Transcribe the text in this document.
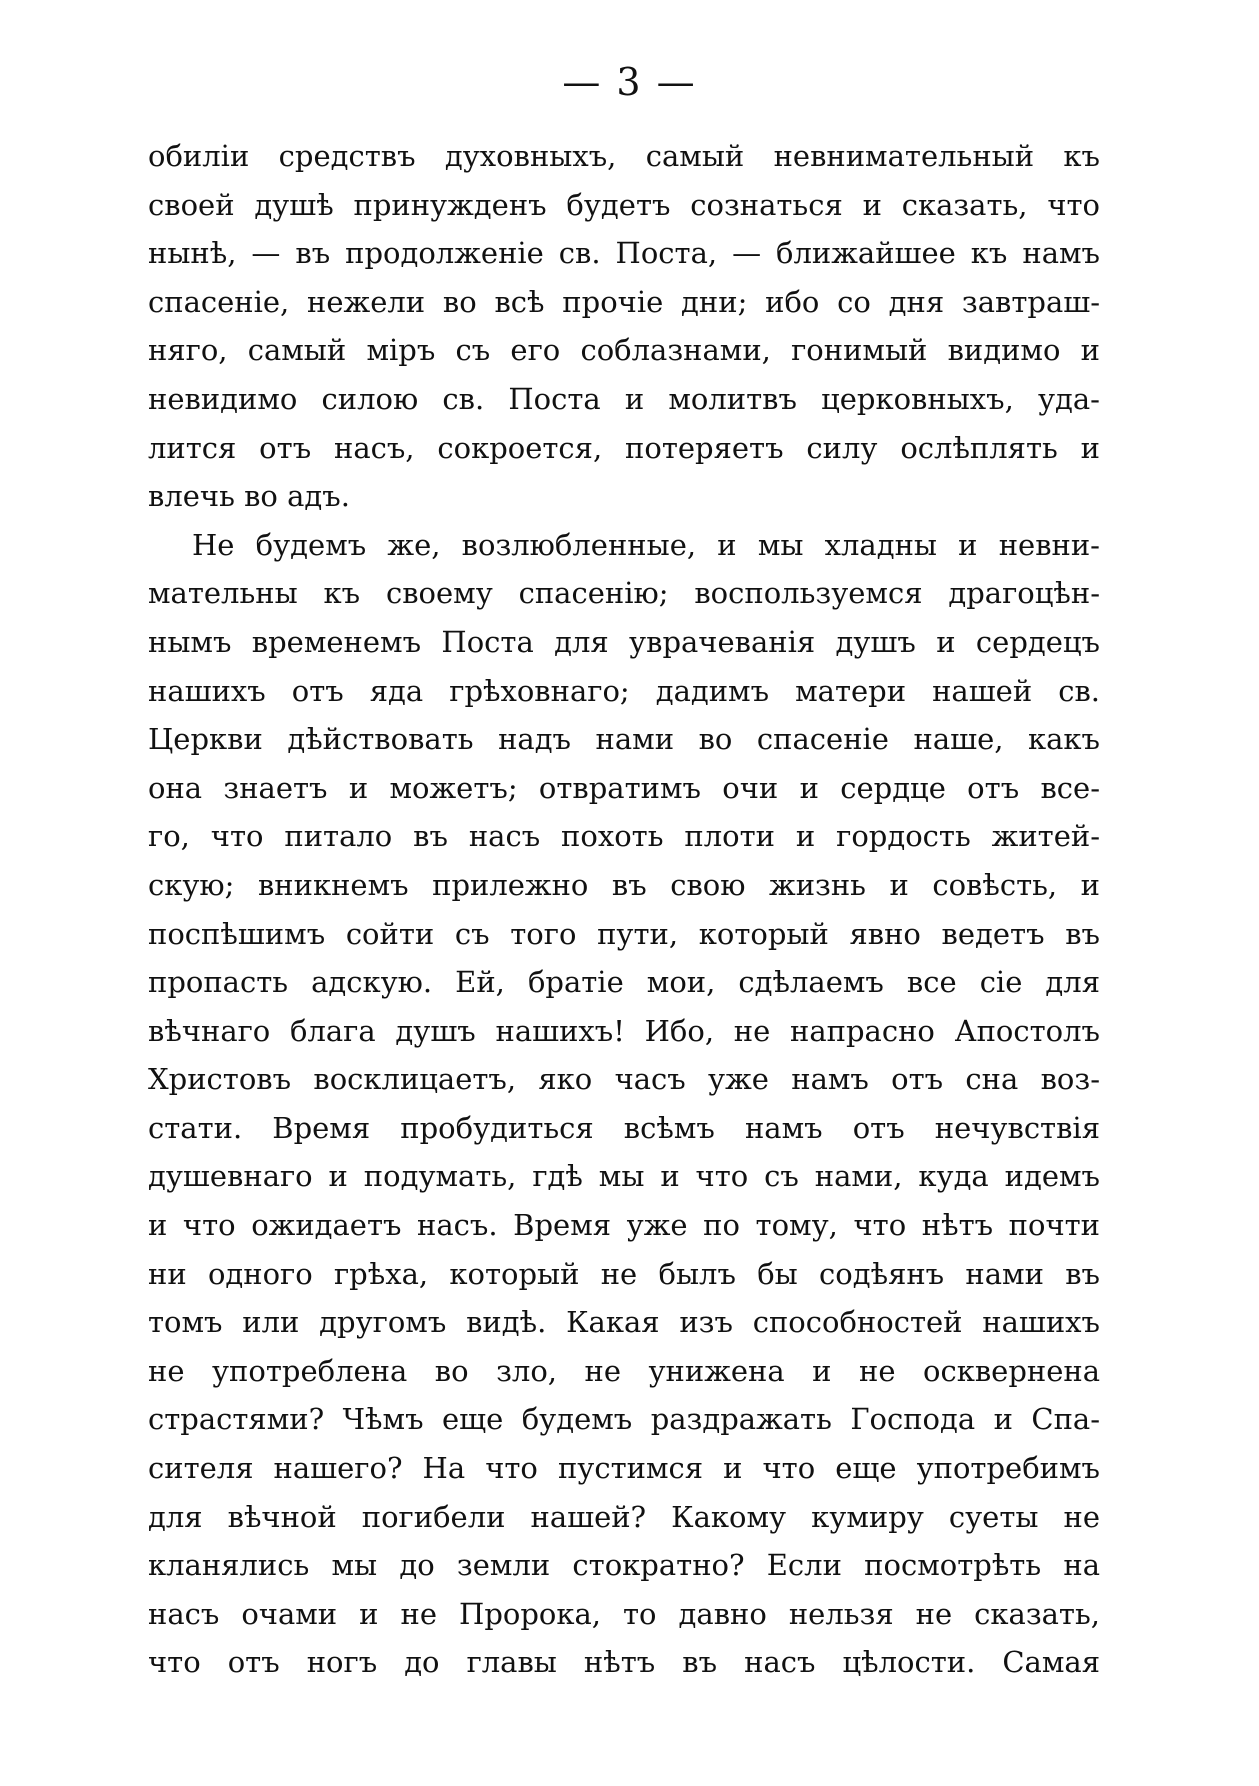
— 3 —
обиліи средствъ духовныхъ, самый невнимательный къ
своей душѣ принужденъ будетъ сознаться и сказать, что
нынѣ, — въ продолженіе св. Поста, — ближайшее къ намъ
спасеніе, нежели во всѣ прочіе дни; ибо со дня завтраш-
няго, самый міръ съ его соблазнами, гонимый видимо и
невидимо силою св. Поста и молитвъ церковныхъ, уда-
лится отъ насъ, сокроется, потеряетъ силу ослѣплять и
влечь во адъ.
Не будемъ же, возлюбленные, и мы хладны и невни-
мательны къ своему спасенію; воспользуемся драгоцѣн-
нымъ временемъ Поста для уврачеванія душъ и сердецъ
нашихъ отъ яда грѣховнаго; дадимъ матери нашей св.
Церкви дѣйствовать надъ нами во спасеніе наше, какъ
она знаетъ и можетъ; отвратимъ очи и сердце отъ все-
го, что питало въ насъ похоть плоти и гордость житей-
скую; вникнемъ прилежно въ свою жизнь и совѣсть, и
поспѣшимъ сойти съ того пути, который явно ведетъ въ
пропасть адскую. Ей, братіе мои, сдѣлаемъ все сіе для
вѣчнаго блага душъ нашихъ! Ибо, не напрасно Апостолъ
Христовъ восклицаетъ, яко часъ уже намъ отъ сна воз-
стати. Время пробудиться всѣмъ намъ отъ нечувствія
душевнаго и подумать, гдѣ мы и что съ нами, куда идемъ
и что ожидаетъ насъ. Время уже по тому, что нѣтъ почти
ни одного грѣха, который не былъ бы содѣянъ нами въ
томъ или другомъ видѣ. Какая изъ способностей нашихъ
не употреблена во зло, не унижена и не осквернена
страстями? Чѣмъ еще будемъ раздражать Господа и Спа-
сителя нашего? На что пустимся и что еще употребимъ
для вѣчной погибели нашей? Какому кумиру суеты не
кланялись мы до земли стократно? Если посмотрѣть на
насъ очами и не Пророка, то давно нельзя не сказать,
что отъ ногъ до главы нѣтъ въ насъ цѣлости. Самая
